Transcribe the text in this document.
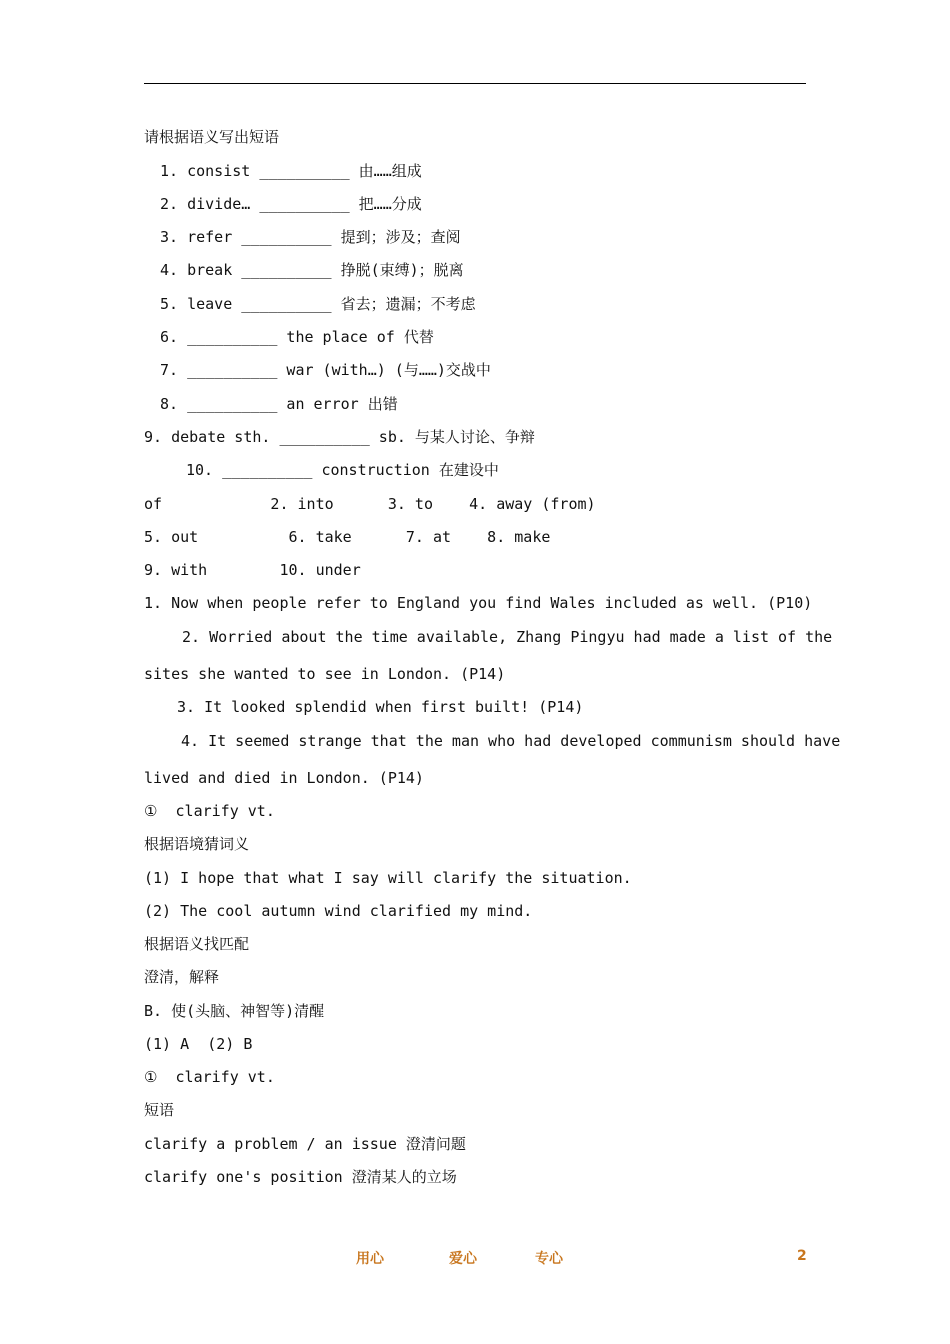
请根据语义写出短语
1. consist __________ 由……组成
2. divide… __________ 把……分成
3. refer __________ 提到；涉及；查阅
4. break __________ 挣脱(束缚)；脱离
5. leave __________ 省去；遗漏；不考虑
6. __________ the place of 代替
7. __________ war (with…) (与……)交战中
8. __________ an error 出错
9. debate sth. __________ sb. 与某人讨论、争辩
10. __________ construction 在建设中
of            2. into      3. to    4. away (from)
5. out          6. take      7. at    8. make
9. with        10. under
1. Now when people refer to England you find Wales included as well. (P10)
2. Worried about the time available, Zhang Pingyu had made a list of the
sites she wanted to see in London. (P14)
3. It looked splendid when first built! (P14)
4. It seemed strange that the man who had developed communism should have
lived and died in London. (P14)
①  clarify vt.
根据语境猜词义
(1) I hope that what I say will clarify the situation.
(2) The cool autumn wind clarified my mind.
根据语义找匹配
澄清，解释
B. 使(头脑、神智等)清醒
(1) A  (2) B
①  clarify vt.
短语
clarify a problem / an issue 澄清问题
clarify one's position 澄清某人的立场
用心	爱心	专心	2
